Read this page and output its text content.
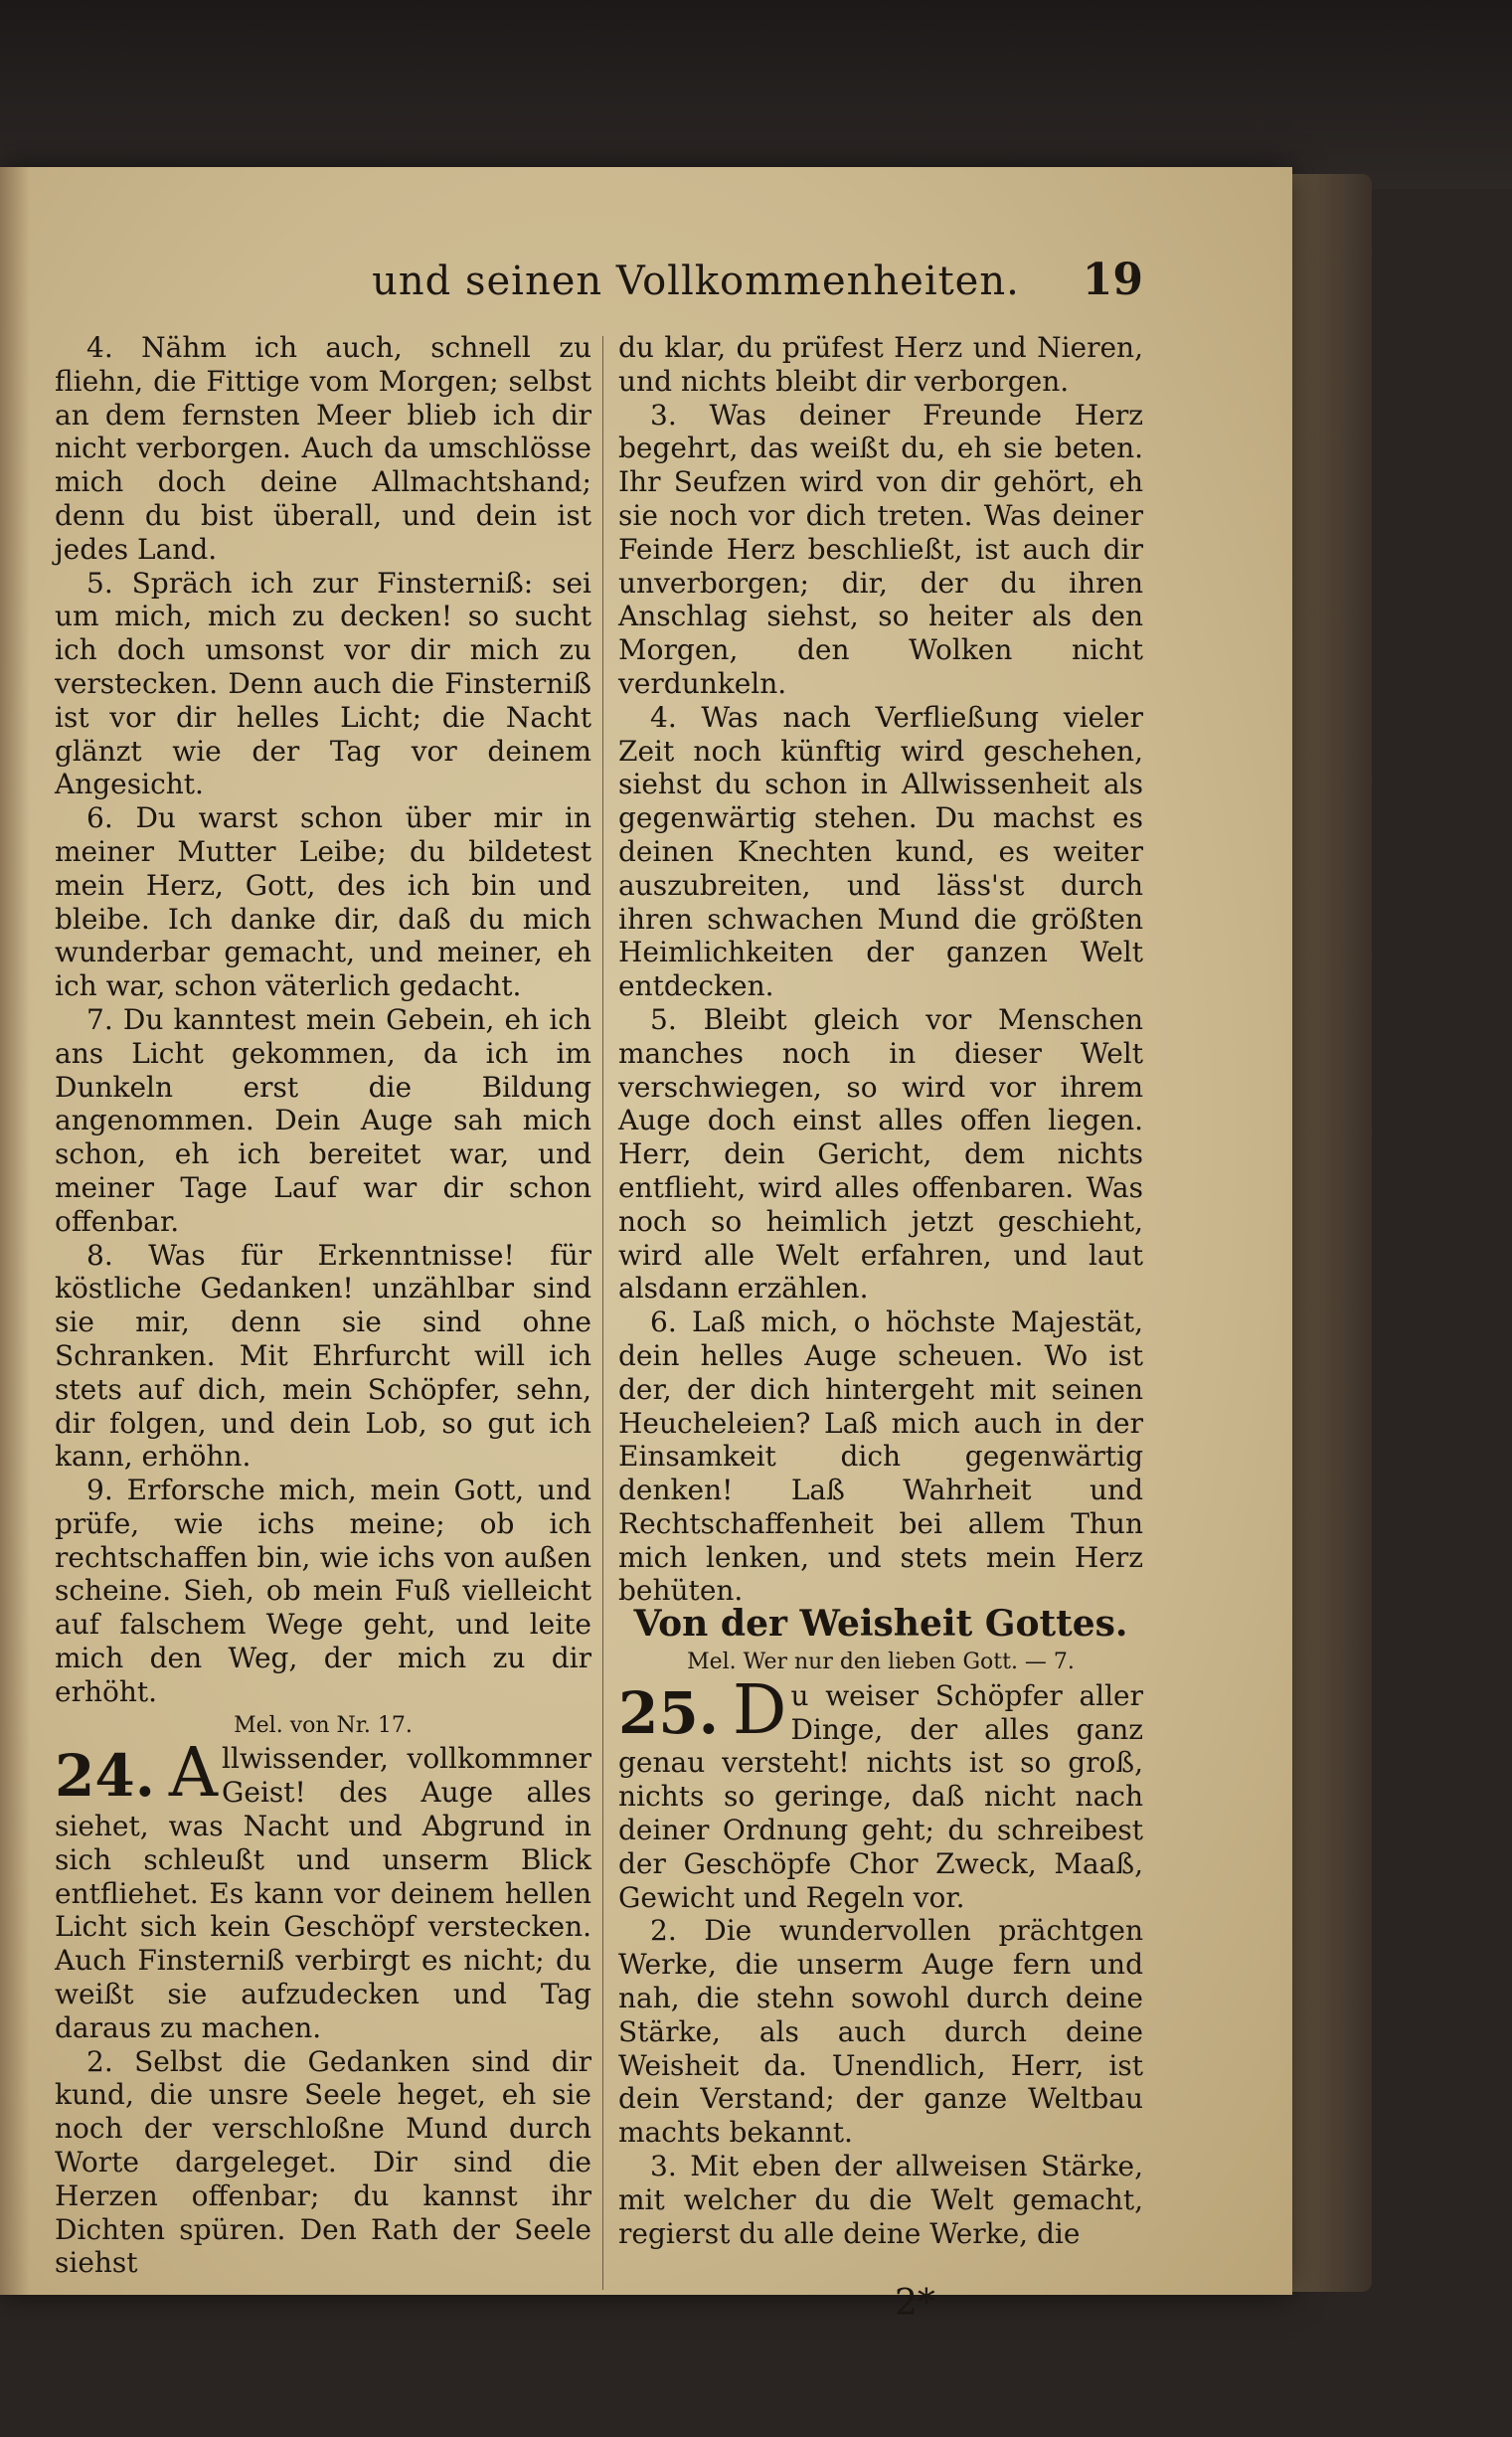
und seinen Vollkommenheiten.	19

4. Nähm ich auch, schnell zu fliehn, die Fittige vom Morgen; selbst an dem fernsten Meer blieb ich dir nicht verborgen. Auch da umschlösse mich doch deine Allmachtshand; denn du bist überall, und dein ist jedes Land.

5. Spräch ich zur Finsterniß: sei um mich, mich zu decken! so sucht ich doch umsonst vor dir mich zu verstecken. Denn auch die Finsterniß ist vor dir helles Licht; die Nacht glänzt wie der Tag vor deinem Angesicht.

6. Du warst schon über mir in meiner Mutter Leibe; du bildetest mein Herz, Gott, des ich bin und bleibe. Ich danke dir, daß du mich wunderbar gemacht, und meiner, eh ich war, schon väterlich gedacht.

7. Du kanntest mein Gebein, eh ich ans Licht gekommen, da ich im Dunkeln erst die Bildung angenommen. Dein Auge sah mich schon, eh ich bereitet war, und meiner Tage Lauf war dir schon offenbar.

8. Was für Erkenntnisse! für köstliche Gedanken! unzählbar sind sie mir, denn sie sind ohne Schranken. Mit Ehrfurcht will ich stets auf dich, mein Schöpfer, sehn, dir folgen, und dein Lob, so gut ich kann, erhöhn.

9. Erforsche mich, mein Gott, und prüfe, wie ichs meine; ob ich rechtschaffen bin, wie ichs von außen scheine. Sieh, ob mein Fuß vielleicht auf falschem Wege geht, und leite mich den Weg, der mich zu dir erhöht.

Mel. von Nr. 17.

24. A llwissender, vollkommner Geist! des Auge alles siehet, was Nacht und Abgrund in sich schleußt und unserm Blick entfliehet. Es kann vor deinem hellen Licht sich kein Geschöpf verstecken. Auch Finsterniß verbirgt es nicht; du weißt sie aufzudecken und Tag daraus zu machen.

2. Selbst die Gedanken sind dir kund, die unsre Seele heget, eh sie noch der verschloßne Mund durch Worte dargeleget. Dir sind die Herzen offenbar; du kannst ihr Dichten spüren. Den Rath der Seele siehst

du klar, du prüfest Herz und Nieren, und nichts bleibt dir verborgen.

3. Was deiner Freunde Herz begehrt, das weißt du, eh sie beten. Ihr Seufzen wird von dir gehört, eh sie noch vor dich treten. Was deiner Feinde Herz beschließt, ist auch dir unverborgen; dir, der du ihren Anschlag siehst, so heiter als den Morgen, den Wolken nicht verdunkeln.

4. Was nach Verfließung vieler Zeit noch künftig wird geschehen, siehst du schon in Allwissenheit als gegenwärtig stehen. Du machst es deinen Knechten kund, es weiter auszubreiten, und läss'st durch ihren schwachen Mund die größten Heimlichkeiten der ganzen Welt entdecken.

5. Bleibt gleich vor Menschen manches noch in dieser Welt verschwiegen, so wird vor ihrem Auge doch einst alles offen liegen. Herr, dein Gericht, dem nichts entflieht, wird alles offenbaren. Was noch so heimlich jetzt geschieht, wird alle Welt erfahren, und laut alsdann erzählen.

6. Laß mich, o höchste Majestät, dein helles Auge scheuen. Wo ist der, der dich hintergeht mit seinen Heucheleien? Laß mich auch in der Einsamkeit dich gegenwärtig denken! Laß Wahrheit und Rechtschaffenheit bei allem Thun mich lenken, und stets mein Herz behüten.

Von der Weisheit Gottes.

Mel. Wer nur den lieben Gott. — 7.

25. D u weiser Schöpfer aller Dinge, der alles ganz genau versteht! nichts ist so groß, nichts so geringe, daß nicht nach deiner Ordnung geht; du schreibest der Geschöpfe Chor Zweck, Maaß, Gewicht und Regeln vor.

2. Die wundervollen prächtgen Werke, die unserm Auge fern und nah, die stehn sowohl durch deine Stärke, als auch durch deine Weisheit da. Unendlich, Herr, ist dein Verstand; der ganze Weltbau machts bekannt.

3. Mit eben der allweisen Stärke, mit welcher du die Welt gemacht, regierst du alle deine Werke, die

2*
